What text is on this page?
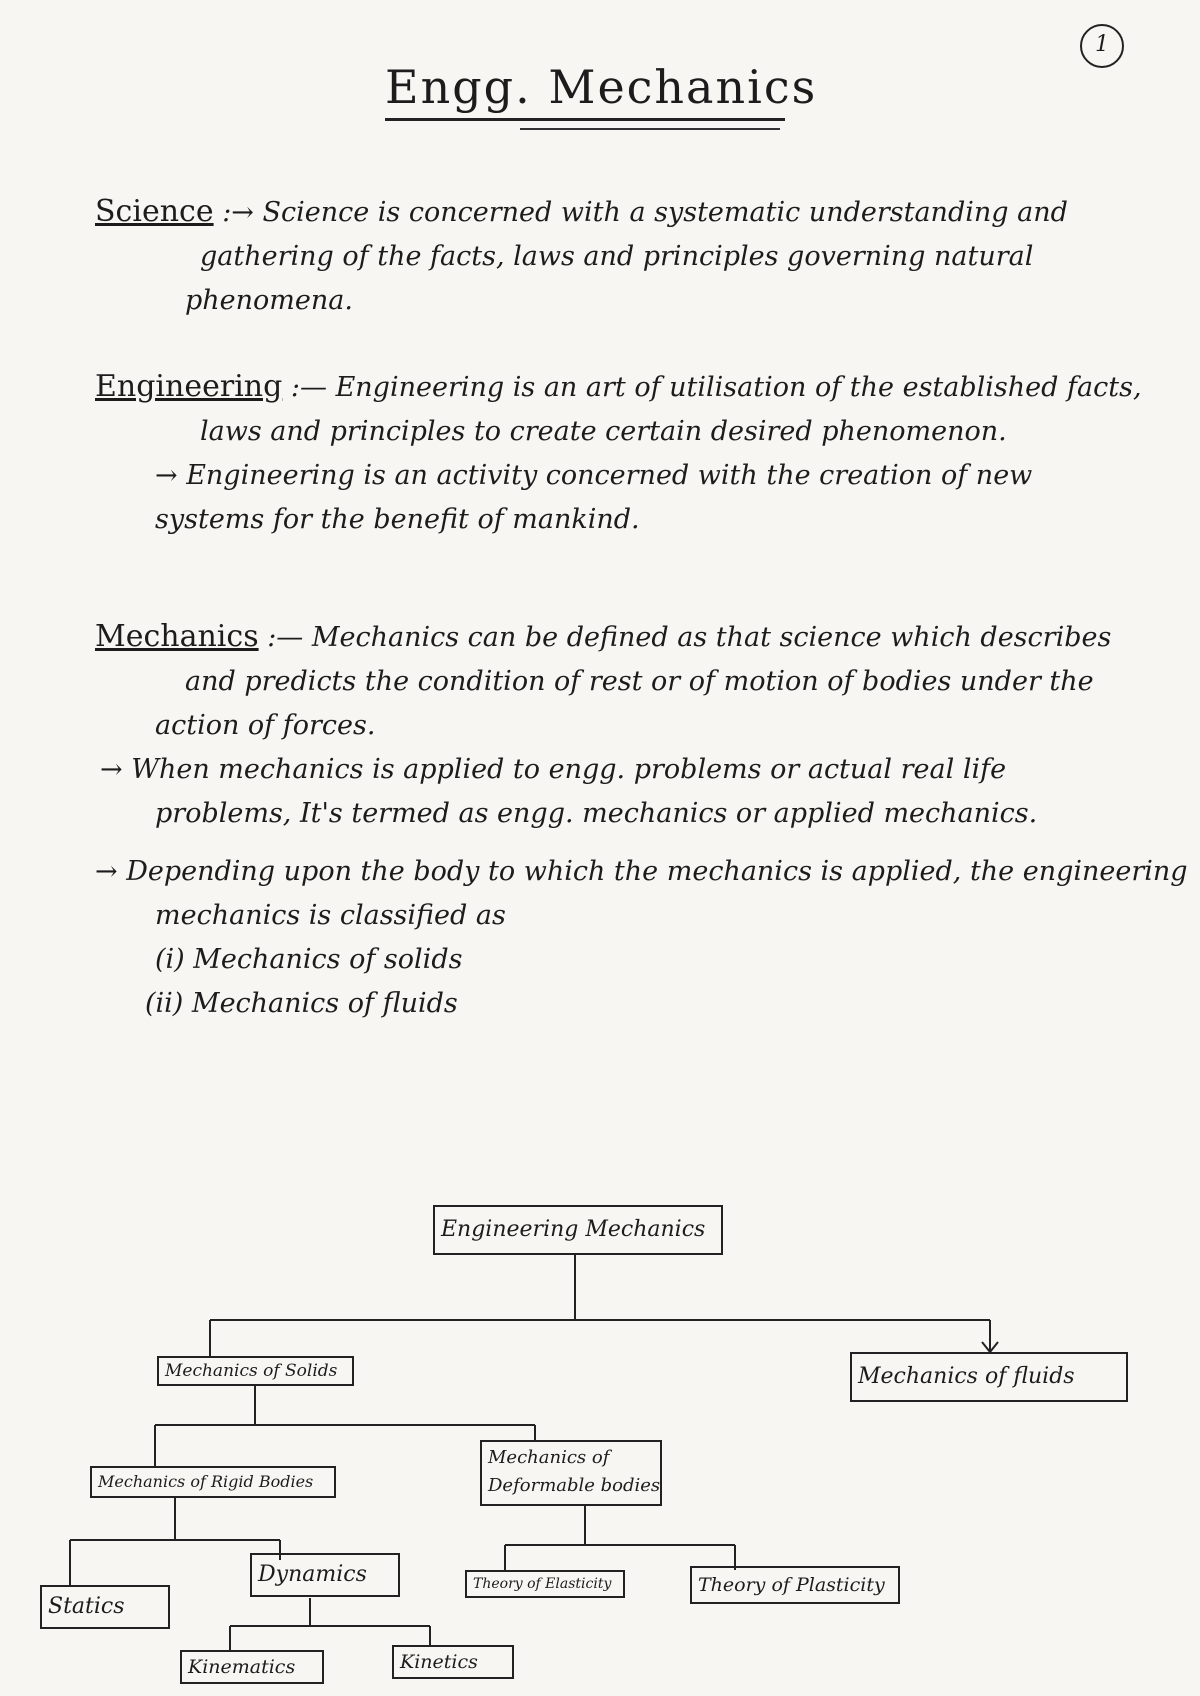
1
Engg. Mechanics
Science :→ Science is concerned with a systematic understanding and
gathering of the facts, laws and principles governing natural
phenomena.
Engineering :— Engineering is an art of utilisation of the established facts,
laws and principles to create certain desired phenomenon.
→ Engineering is an activity concerned with the creation of new
systems for the benefit of mankind.
Mechanics :— Mechanics can be defined as that science which describes
and predicts the condition of rest or of motion of bodies under the
action of forces.
→ When mechanics is applied to engg. problems or actual real life
problems, It's termed as engg. mechanics or applied mechanics.
→ Depending upon the body to which the mechanics is applied, the engineering
mechanics is classified as
(i) Mechanics of solids
(ii) Mechanics of fluids
Engineering Mechanics
Mechanics of Solids	Mechanics of fluids
Mechanics of Rigid Bodies
Mechanics of
Deformable bodies
Statics
Dynamics	Theory of Elasticity	Theory of Plasticity
Kinematics	Kinetics
